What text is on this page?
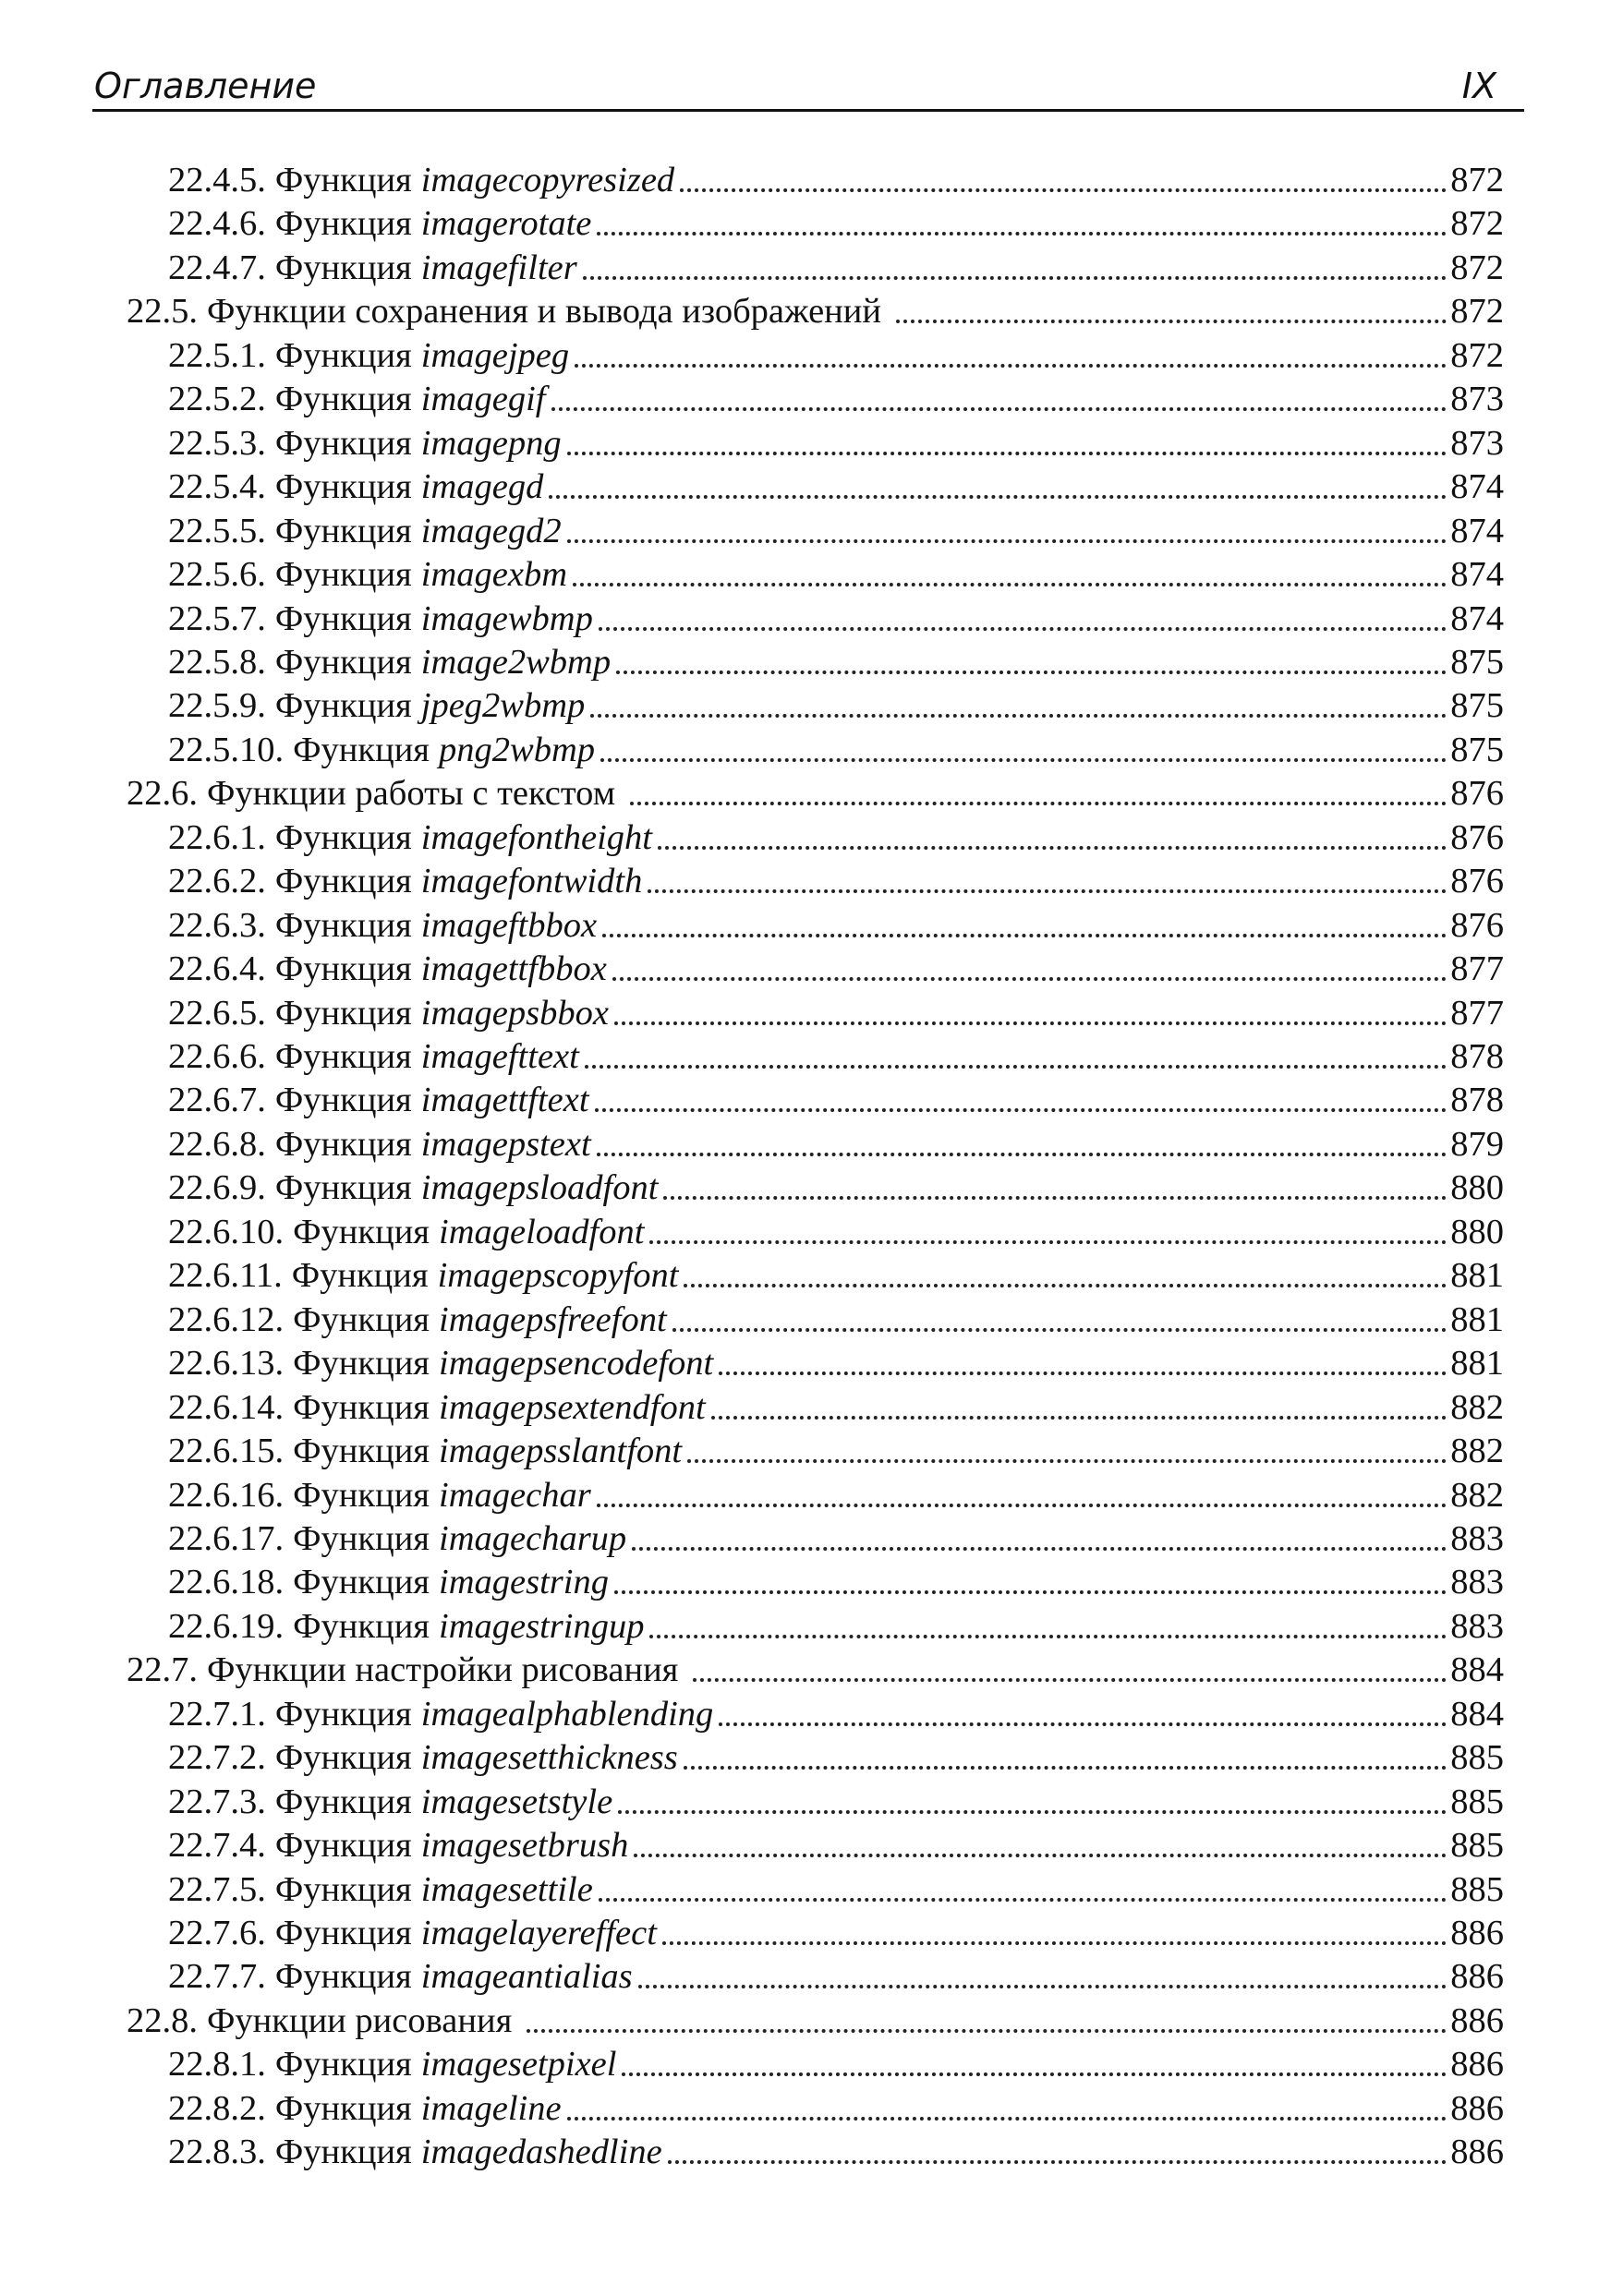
Оглавление	IX
22.4.5. Функция imagecopyresized	872
22.4.6. Функция imagerotate	872
22.4.7. Функция imagefilter	872
22.5. Функции сохранения и вывода изображений	872
22.5.1. Функция imagejpeg	872
22.5.2. Функция imagegif	873
22.5.3. Функция imagepng	873
22.5.4. Функция imagegd	874
22.5.5. Функция imagegd2	874
22.5.6. Функция imagexbm	874
22.5.7. Функция imagewbmp	874
22.5.8. Функция image2wbmp	875
22.5.9. Функция jpeg2wbmp	875
22.5.10. Функция png2wbmp	875
22.6. Функции работы с текстом	876
22.6.1. Функция imagefontheight	876
22.6.2. Функция imagefontwidth	876
22.6.3. Функция imageftbbox	876
22.6.4. Функция imagettfbbox	877
22.6.5. Функция imagepsbbox	877
22.6.6. Функция imagefttext	878
22.6.7. Функция imagettftext	878
22.6.8. Функция imagepstext	879
22.6.9. Функция imagepsloadfont	880
22.6.10. Функция imageloadfont	880
22.6.11. Функция imagepscopyfont	881
22.6.12. Функция imagepsfreefont	881
22.6.13. Функция imagepsencodefont	881
22.6.14. Функция imagepsextendfont	882
22.6.15. Функция imagepsslantfont	882
22.6.16. Функция imagechar	882
22.6.17. Функция imagecharup	883
22.6.18. Функция imagestring	883
22.6.19. Функция imagestringup	883
22.7. Функции настройки рисования	884
22.7.1. Функция imagealphablending	884
22.7.2. Функция imagesetthickness	885
22.7.3. Функция imagesetstyle	885
22.7.4. Функция imagesetbrush	885
22.7.5. Функция imagesettile	885
22.7.6. Функция imagelayereffect	886
22.7.7. Функция imageantialias	886
22.8. Функции рисования	886
22.8.1. Функция imagesetpixel	886
22.8.2. Функция imageline	886
22.8.3. Функция imagedashedline	886
